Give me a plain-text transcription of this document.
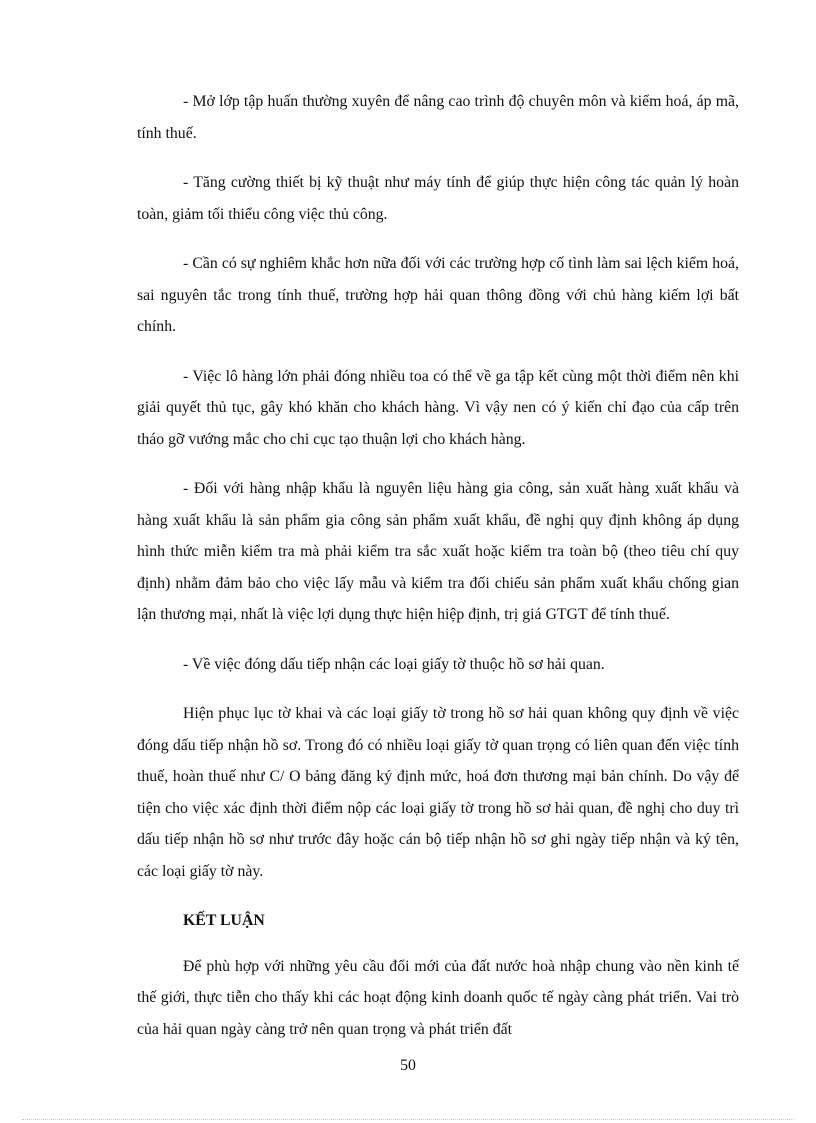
- Mở lớp tập huấn thường xuyên để nâng cao trình độ chuyên môn và kiểm hoá, áp mã, tính thuế.

- Tăng cường thiết bị kỹ thuật như máy tính để giúp thực hiện công tác quản lý hoàn toàn, giảm tối thiểu công việc thủ công.

- Cần có sự nghiêm khắc hơn nữa đối với các trường hợp cố tình làm sai lệch kiểm hoá, sai nguyên tắc trong tính thuế, trường hợp hải quan thông đồng với chủ hàng kiếm lợi bất chính.

- Việc lô hàng lớn phải đóng nhiều toa có thể về ga tập kết cùng một thời điểm nên khi giải quyết thủ tục, gây khó khăn cho khách hàng. Vì vậy nen có ý kiến chỉ đạo của cấp trên tháo gỡ vướng mắc cho chi cục tạo thuận lợi cho khách hàng.

- Đối với hàng nhập khẩu là nguyên liệu hàng gia công, sản xuất hàng xuất khẩu và hàng xuất khẩu là sản phẩm gia công sản phẩm xuất khẩu, đề nghị quy định không áp dụng hình thức miễn kiểm tra mà phải kiểm tra sắc xuất hoặc kiểm tra toàn bộ (theo tiêu chí quy định) nhằm đảm bảo cho việc lấy mẫu và kiểm tra đối chiếu sản phẩm xuất khẩu chống gian lận thương mại, nhất là việc lợi dụng thực hiện hiệp định, trị giá GTGT để tính thuế.

- Về việc đóng dấu tiếp nhận các loại giấy tờ thuộc hồ sơ hải quan.

Hiện phục lục tờ khai và các loại giấy tờ trong hồ sơ hải quan không quy định về việc đóng dấu tiếp nhận hồ sơ. Trong đó có nhiều loại giấy tờ quan trọng có liên quan đến việc tính thuế, hoàn thuế như C/ O bảng đăng ký định mức, hoá đơn thương mại bản chính. Do vậy để tiện cho việc xác định thời điểm nộp các loại giấy tờ trong hồ sơ hải quan, đề nghị cho duy trì dấu tiếp nhận hồ sơ như trước đây hoặc cán bộ tiếp nhận hồ sơ ghi ngày tiếp nhận và ký tên, các loại giấy tờ này.

KẾT LUẬN

Để phù hợp với những yêu cầu đổi mới của đất nước hoà nhập chung vào nền kinh tế thế giới, thực tiễn cho thấy khi các hoạt động kinh doanh quốc tế ngày càng phát triển. Vai trò của hải quan ngày càng trở nên quan trọng và phát triển đất

50
